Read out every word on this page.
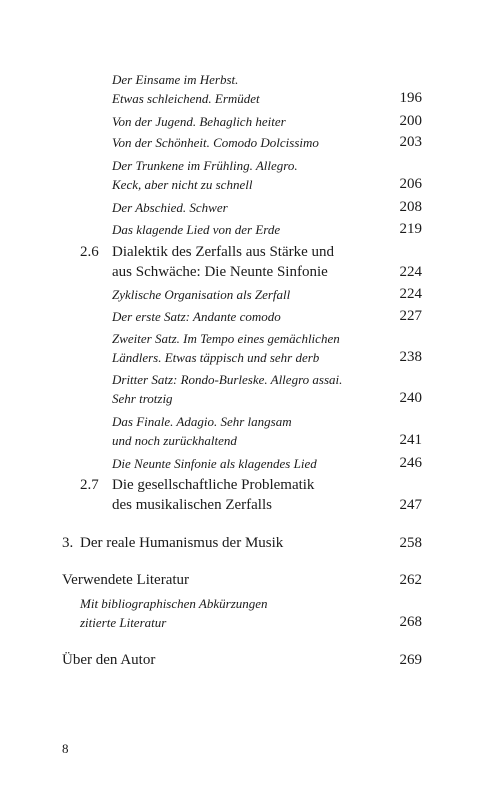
Der Einsame im Herbst.
Etwas schleichend. Ermüdet	196
Von der Jugend. Behaglich heiter	200
Von der Schönheit. Comodo Dolcissimo	203
Der Trunkene im Frühling. Allegro.
Keck, aber nicht zu schnell	206
Der Abschied. Schwer	208
Das klagende Lied von der Erde	219
2.6 Dialektik des Zerfalls aus Stärke und
aus Schwäche: Die Neunte Sinfonie	224
Zyklische Organisation als Zerfall	224
Der erste Satz: Andante comodo	227
Zweiter Satz. Im Tempo eines gemächlichen
Ländlers. Etwas täppisch und sehr derb	238
Dritter Satz: Rondo-Burleske. Allegro assai.
Sehr trotzig	240
Das Finale. Adagio. Sehr langsam
und noch zurückhaltend	241
Die Neunte Sinfonie als klagendes Lied	246
2.7 Die gesellschaftliche Problematik
des musikalischen Zerfalls	247
3. Der reale Humanismus der Musik	258
Verwendete Literatur	262
Mit bibliographischen Abkürzungen
zitierte Literatur	268
Über den Autor	269
8
